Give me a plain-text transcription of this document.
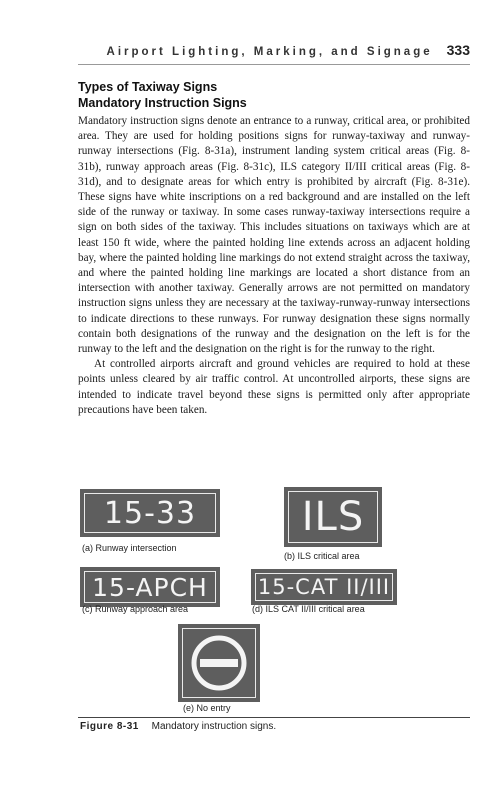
Airport Lighting, Marking, and Signage 333
Types of Taxiway Signs
Mandatory Instruction Signs

Mandatory instruction signs denote an entrance to a runway, critical area, or prohibited area. They are used for holding positions signs for runway-taxiway and runway-runway intersections (Fig. 8-31a), instrument landing system critical areas (Fig. 8-31b), runway approach areas (Fig. 8-31c), ILS category II/III critical areas (Fig. 8-31d), and to designate areas for which entry is prohibited by aircraft (Fig. 8-31e). These signs have white inscriptions on a red background and are installed on the left side of the runway or taxiway. In some cases runway-taxiway intersections require a sign on both sides of the taxiway. This includes situations on taxiways which are at least 150 ft wide, where the painted holding line extends across an adjacent holding bay, where the painted holding line markings do not extend straight across the taxiway, and where the painted holding line markings are located a short distance from an intersection with another taxiway. Generally arrows are not permitted on mandatory instruction signs unless they are necessary at the taxiway-runway-runway intersections to indicate directions to these runways. For runway designation these signs normally contain both designations of the runway and the designation on the left is for the runway to the left and the designation on the right is for the runway to the right.

At controlled airports aircraft and ground vehicles are required to hold at these points unless cleared by air traffic control. At uncontrolled airports, these signs are intended to indicate travel beyond these signs is permitted only after appropriate precautions have been taken.

15-33
(a) Runway intersection
ILS
(b) ILS critical area
15-APCH
(c) Runway approach area
15-CAT II/III
(d) ILS CAT II/III critical area
(e) No entry
Figure 8-31 Mandatory instruction signs.
